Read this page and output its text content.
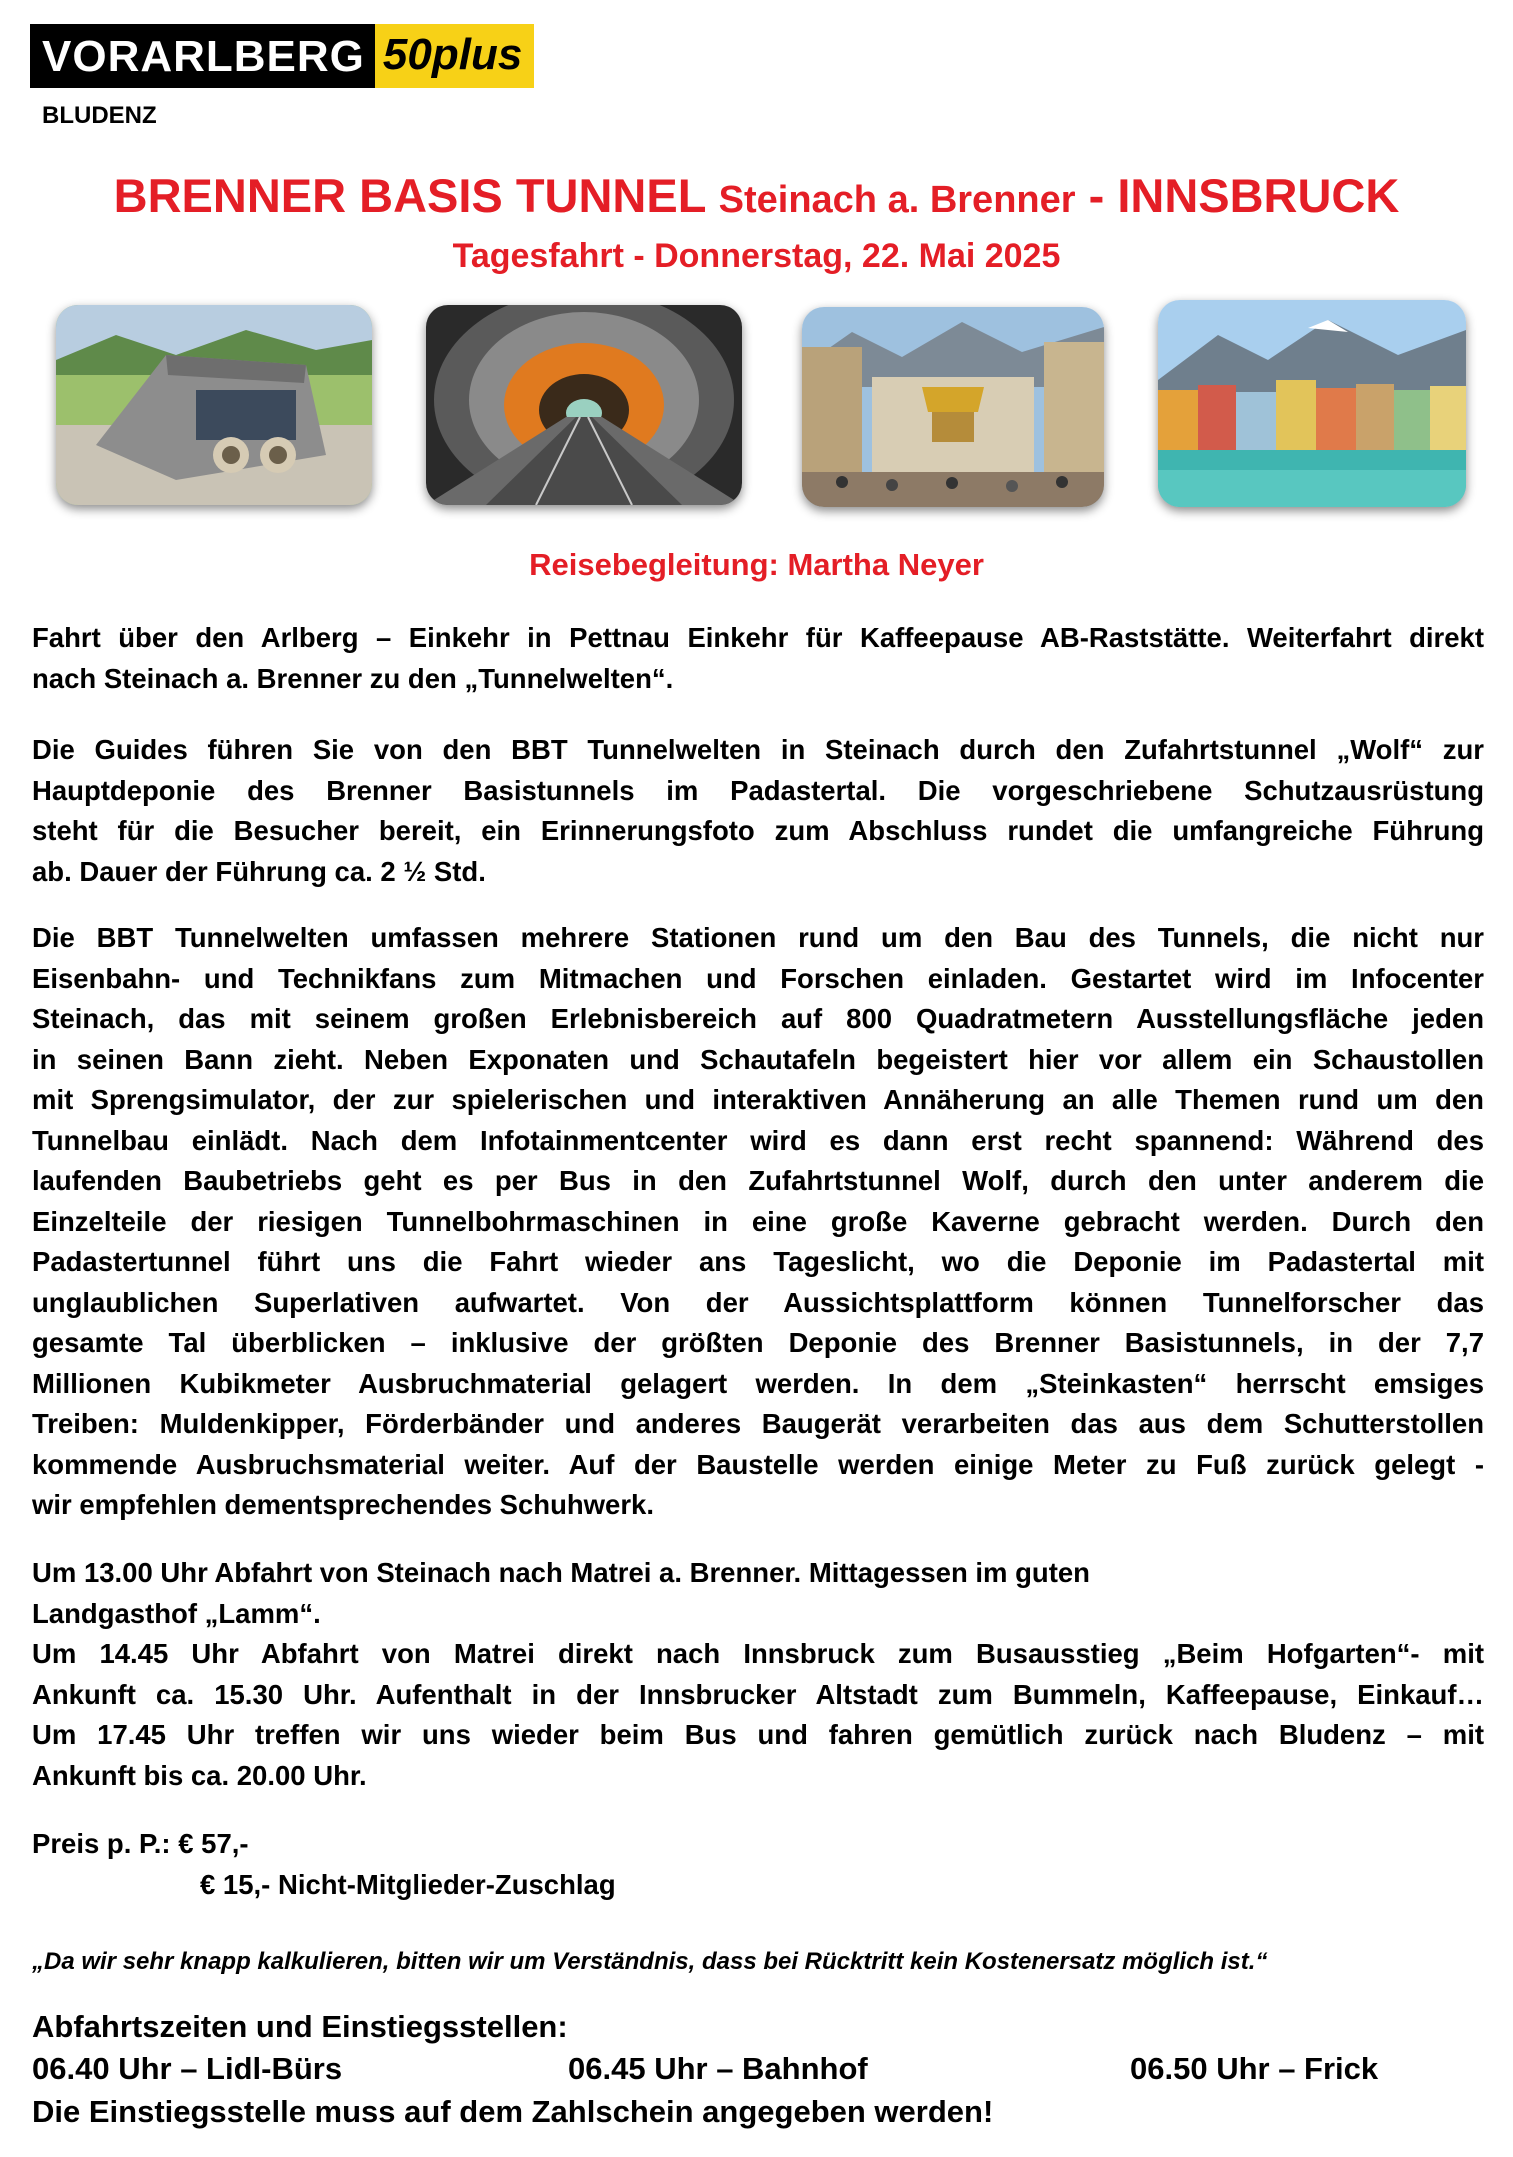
VORARLBERG 50plus
BLUDENZ
BRENNER BASIS TUNNEL Steinach a. Brenner - INNSBRUCK
Tagesfahrt - Donnerstag, 22. Mai 2025
Reisebegleitung: Martha Neyer
Fahrt über den Arlberg – Einkehr in Pettnau Einkehr für Kaffeepause AB-Raststätte. Weiterfahrt direkt
nach Steinach a. Brenner zu den „Tunnelwelten“.
Die Guides führen Sie von den BBT Tunnelwelten in Steinach durch den Zufahrtstunnel „Wolf“ zur
Hauptdeponie des Brenner Basistunnels im Padastertal. Die vorgeschriebene Schutzausrüstung
steht für die Besucher bereit, ein Erinnerungsfoto zum Abschluss rundet die umfangreiche Führung
ab. Dauer der Führung ca. 2 ½ Std.
Die BBT Tunnelwelten umfassen mehrere Stationen rund um den Bau des Tunnels, die nicht nur
Eisenbahn- und Technikfans zum Mitmachen und Forschen einladen. Gestartet wird im Infocenter
Steinach, das mit seinem großen Erlebnisbereich auf 800 Quadratmetern Ausstellungsfläche jeden
in seinen Bann zieht. Neben Exponaten und Schautafeln begeistert hier vor allem ein Schaustollen
mit Sprengsimulator, der zur spielerischen und interaktiven Annäherung an alle Themen rund um den
Tunnelbau einlädt. Nach dem Infotainmentcenter wird es dann erst recht spannend: Während des
laufenden Baubetriebs geht es per Bus in den Zufahrtstunnel Wolf, durch den unter anderem die
Einzelteile der riesigen Tunnelbohrmaschinen in eine große Kaverne gebracht werden. Durch den
Padastertunnel führt uns die Fahrt wieder ans Tageslicht, wo die Deponie im Padastertal mit
unglaublichen Superlativen aufwartet. Von der Aussichtsplattform können Tunnelforscher das
gesamte Tal überblicken – inklusive der größten Deponie des Brenner Basistunnels, in der 7,7
Millionen Kubikmeter Ausbruchmaterial gelagert werden. In dem „Steinkasten“ herrscht emsiges
Treiben: Muldenkipper, Förderbänder und anderes Baugerät verarbeiten das aus dem Schutterstollen
kommende Ausbruchsmaterial weiter. Auf der Baustelle werden einige Meter zu Fuß zurück gelegt -
wir empfehlen dementsprechendes Schuhwerk.
Um 13.00 Uhr Abfahrt von Steinach nach Matrei a. Brenner. Mittagessen im guten
Landgasthof „Lamm“.
Um 14.45 Uhr Abfahrt von Matrei direkt nach Innsbruck zum Busausstieg „Beim Hofgarten“- mit
Ankunft ca. 15.30 Uhr. Aufenthalt in der Innsbrucker Altstadt zum Bummeln, Kaffeepause, Einkauf…
Um 17.45 Uhr treffen wir uns wieder beim Bus und fahren gemütlich zurück nach Bludenz – mit
Ankunft bis ca. 20.00 Uhr.
Preis p. P.: € 57,-
€ 15,- Nicht-Mitglieder-Zuschlag
„Da wir sehr knapp kalkulieren, bitten wir um Verständnis, dass bei Rücktritt kein Kostenersatz möglich ist.“
Abfahrtszeiten und Einstiegsstellen:
06.40 Uhr – Lidl-Bürs	06.45 Uhr – Bahnhof	06.50 Uhr – Frick
Die Einstiegsstelle muss auf dem Zahlschein angegeben werden!
